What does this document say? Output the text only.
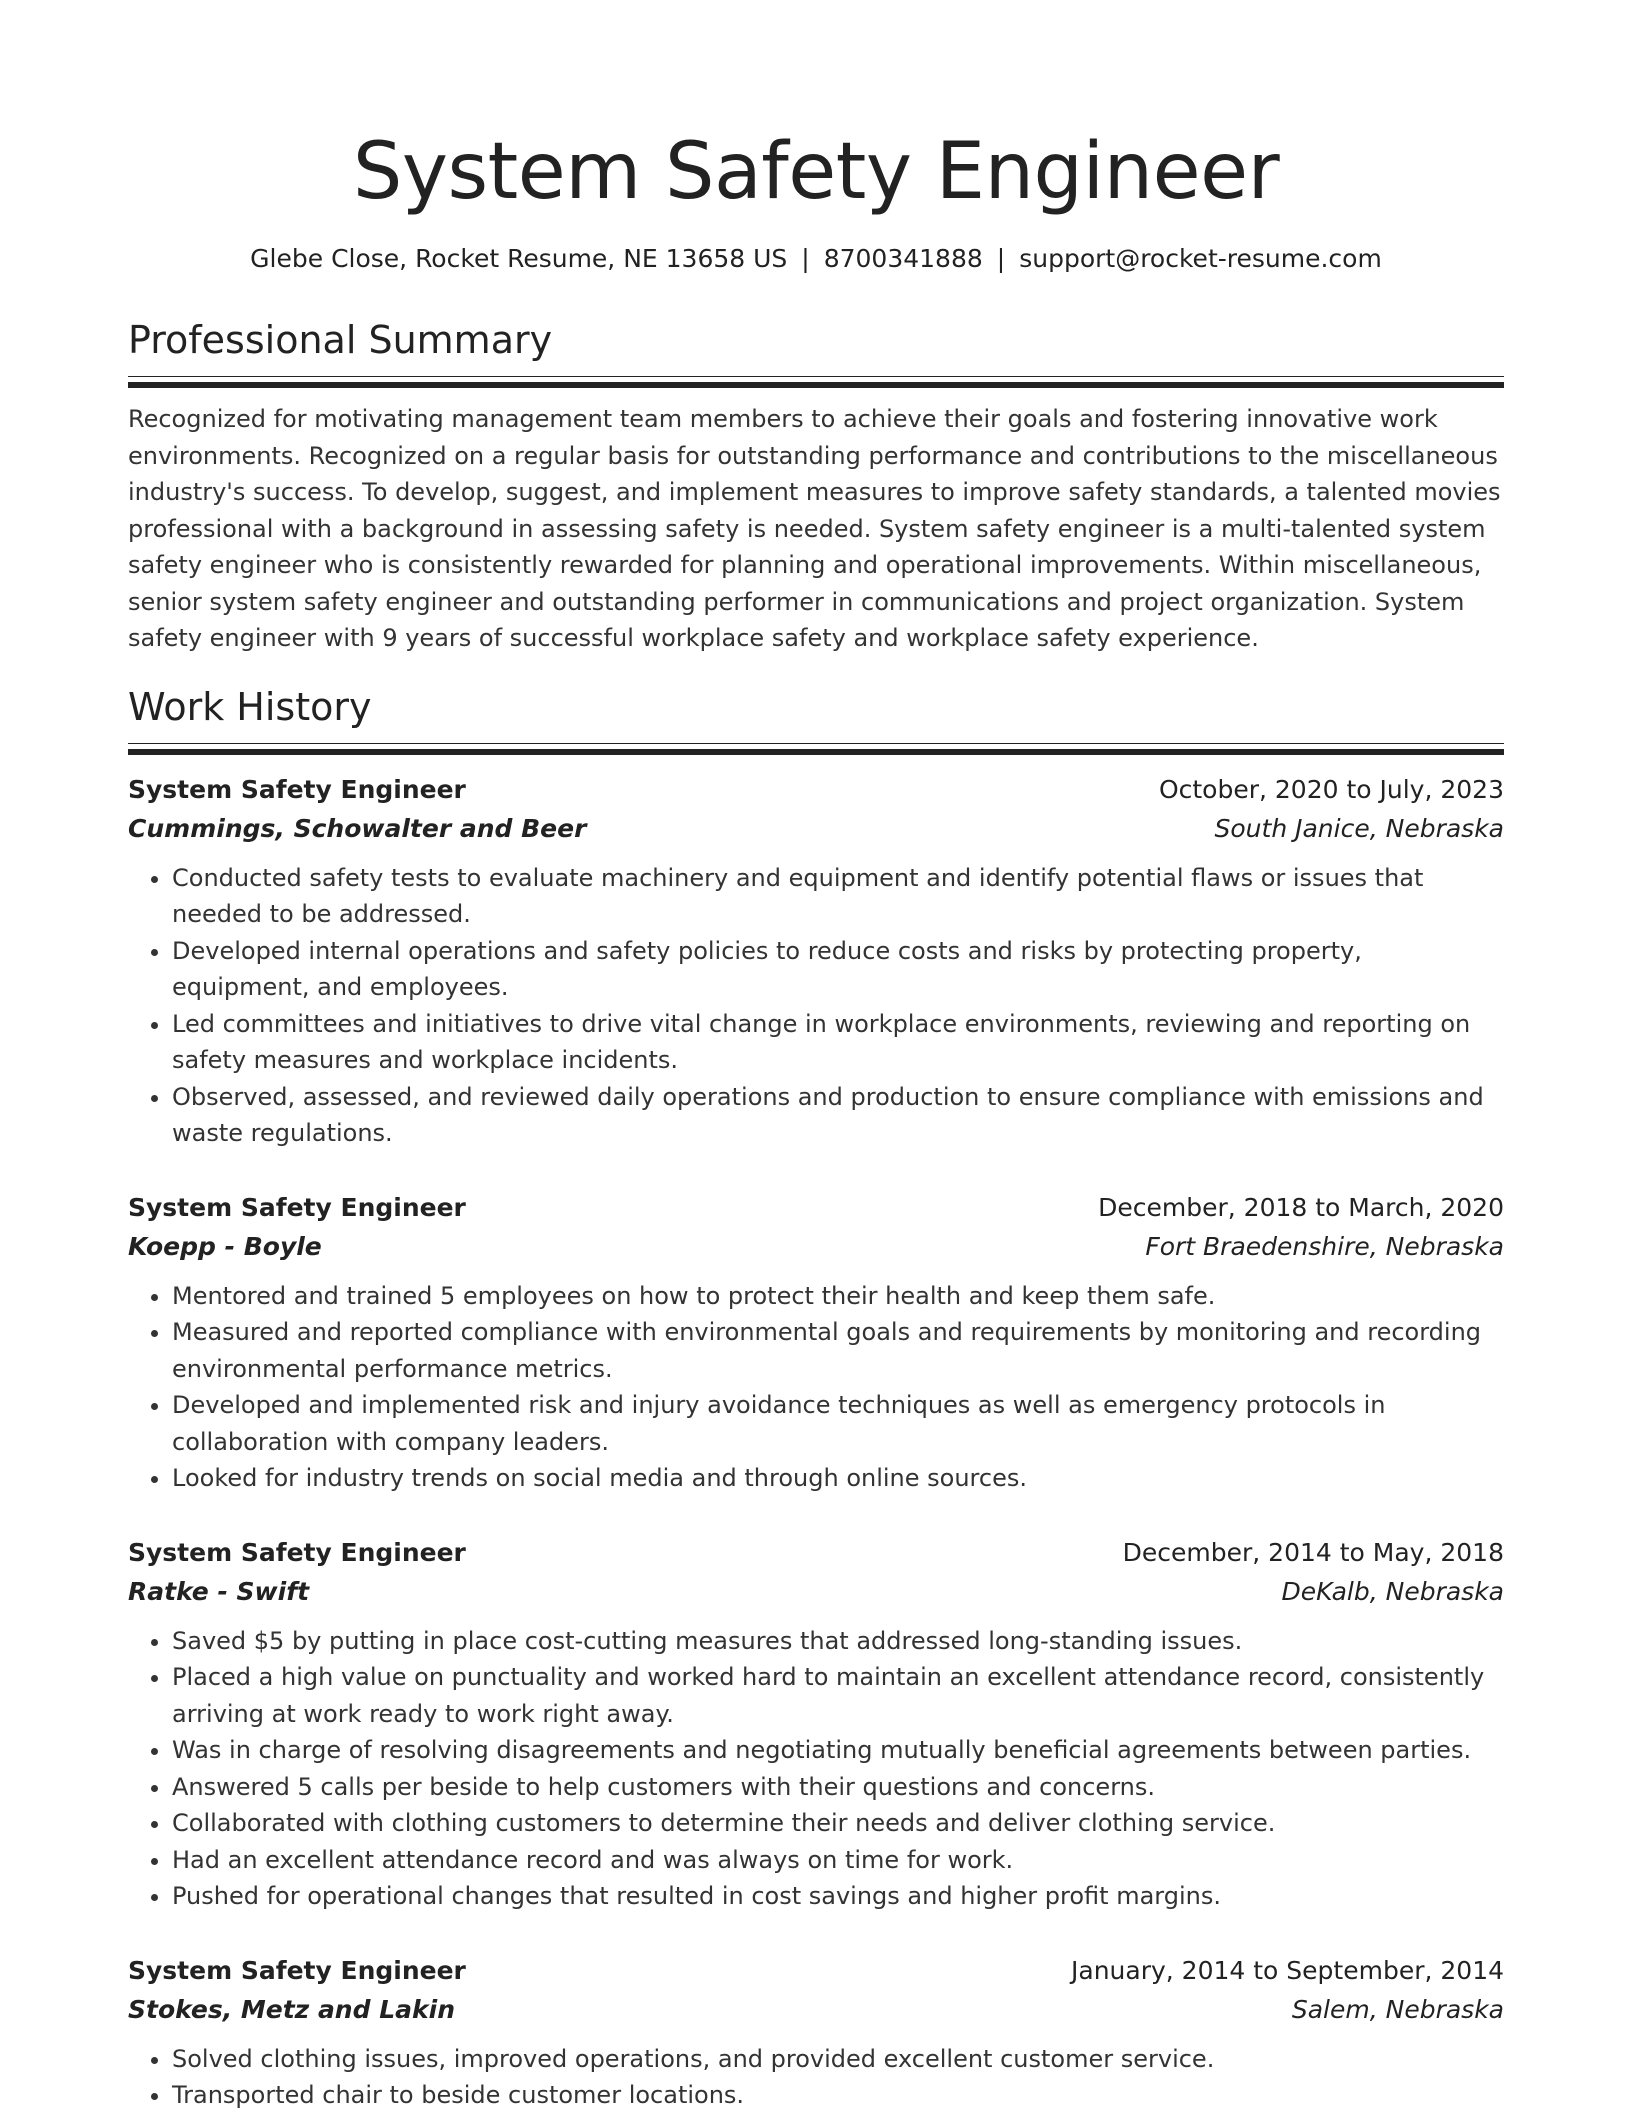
System Safety Engineer
Glebe Close, Rocket Resume, NE 13658 US | 8700341888 | support@rocket-resume.com
Professional Summary

Recognized for motivating management team members to achieve their goals and fostering innovative work environments. Recognized on a regular basis for outstanding performance and contributions to the miscellaneous industry's success. To develop, suggest, and implement measures to improve safety standards, a talented movies professional with a background in assessing safety is needed. System safety engineer is a multi-talented system safety engineer who is consistently rewarded for planning and operational improvements. Within miscellaneous, senior system safety engineer and outstanding performer in communications and project organization. System safety engineer with 9 years of successful workplace safety and workplace safety experience.

Work History
System Safety Engineer	October, 2020 to July, 2023
Cummings, Schowalter and Beer	South Janice, Nebraska
• Conducted safety tests to evaluate machinery and equipment and identify potential flaws or issues that needed to be addressed.
• Developed internal operations and safety policies to reduce costs and risks by protecting property, equipment, and employees.
• Led committees and initiatives to drive vital change in workplace environments, reviewing and reporting on safety measures and workplace incidents.
• Observed, assessed, and reviewed daily operations and production to ensure compliance with emissions and waste regulations.
System Safety Engineer	December, 2018 to March, 2020
Koepp - Boyle	Fort Braedenshire, Nebraska
• Mentored and trained 5 employees on how to protect their health and keep them safe.
• Measured and reported compliance with environmental goals and requirements by monitoring and recording environmental performance metrics.
• Developed and implemented risk and injury avoidance techniques as well as emergency protocols in collaboration with company leaders.
• Looked for industry trends on social media and through online sources.
System Safety Engineer	December, 2014 to May, 2018
Ratke - Swift	DeKalb, Nebraska
• Saved $5 by putting in place cost-cutting measures that addressed long-standing issues.
• Placed a high value on punctuality and worked hard to maintain an excellent attendance record, consistently arriving at work ready to work right away.
• Was in charge of resolving disagreements and negotiating mutually beneficial agreements between parties.
• Answered 5 calls per beside to help customers with their questions and concerns.
• Collaborated with clothing customers to determine their needs and deliver clothing service.
• Had an excellent attendance record and was always on time for work.
• Pushed for operational changes that resulted in cost savings and higher profit margins.
System Safety Engineer	January, 2014 to September, 2014
Stokes, Metz and Lakin	Salem, Nebraska
• Solved clothing issues, improved operations, and provided excellent customer service.
• Transported chair to beside customer locations.
